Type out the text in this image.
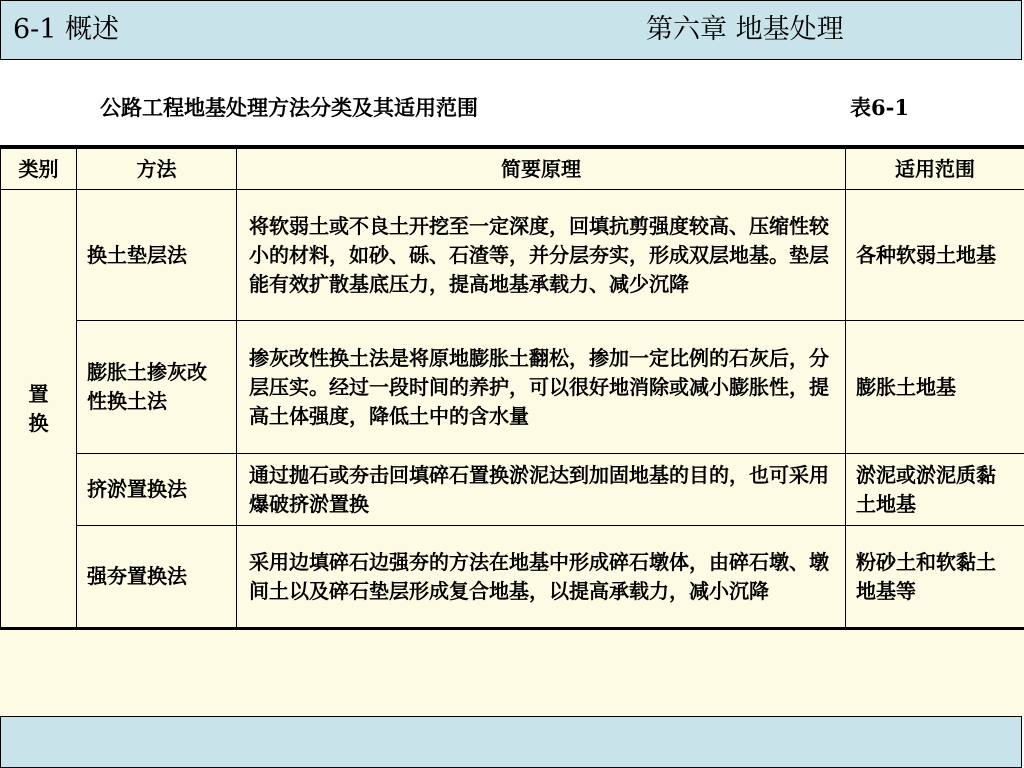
6-1 概述	第六章 地基处理
公路工程地基处理方法分类及其适用范围	表6-1
类别	方法	简要原理	适用范围
置换	换土垫层法	将软弱土或不良土开挖至一定深度，回填抗剪强度较高、压缩性较小的材料，如砂、砾、石渣等，并分层夯实，形成双层地基。垫层能有效扩散基底压力，提高地基承载力、减少沉降	各种软弱土地基
	膨胀土掺灰改性换土法	掺灰改性换土法是将原地膨胀土翻松，掺加一定比例的石灰后，分层压实。经过一段时间的养护，可以很好地消除或减小膨胀性，提高土体强度，降低土中的含水量	膨胀土地基
	挤淤置换法	通过抛石或夯击回填碎石置换淤泥达到加固地基的目的，也可采用爆破挤淤置换	淤泥或淤泥质黏土地基
	强夯置换法	采用边填碎石边强夯的方法在地基中形成碎石墩体，由碎石墩、墩间土以及碎石垫层形成复合地基，以提高承载力，减小沉降	粉砂土和软黏土地基等
